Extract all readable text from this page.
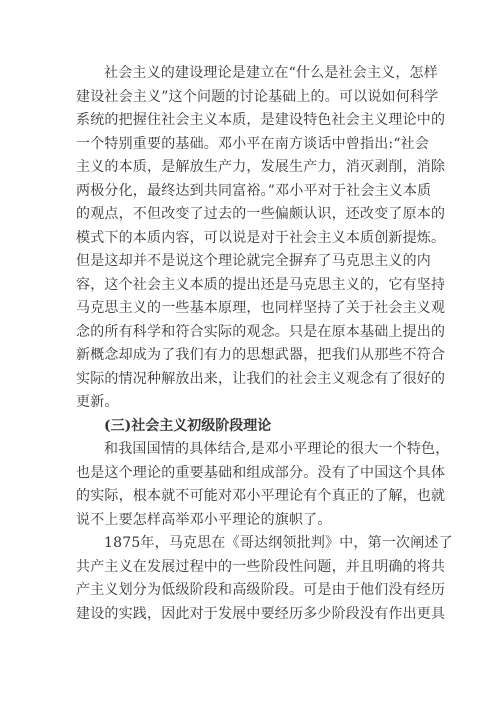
社会主义的建设理论是建立在“什么是社会主义，怎样

建设社会主义”这个问题的讨论基础上的。可以说如何科学

系统的把握住社会主义本质，是建设特色社会主义理论中的

一个特别重要的基础。邓小平在南方谈话中曾指出:“社会

主义的本质，是解放生产力，发展生产力，消灭剥削，消除

两极分化，最终达到共同富裕。”邓小平对于社会主义本质

的观点，不但改变了过去的一些偏颇认识，还改变了原本的

模式下的本质内容，可以说是对于社会主义本质创新提炼。

但是这却并不是说这个理论就完全摒弃了马克思主义的内

容，这个社会主义本质的提出还是马克思主义的，它有坚持

马克思主义的一些基本原理，也同样坚持了关于社会主义观

念的所有科学和符合实际的观念。只是在原本基础上提出的

新概念却成为了我们有力的思想武器，把我们从那些不符合

实际的情况种解放出来，让我们的社会主义观念有了很好的

更新。

(三)社会主义初级阶段理论

和我国国情的具体结合,是邓小平理论的很大一个特色，

也是这个理论的重要基础和组成部分。没有了中国这个具体

的实际，根本就不可能对邓小平理论有个真正的了解，也就

说不上要怎样高举邓小平理论的旗帜了。

1875年，马克思在《哥达纲领批判》中，第一次阐述了

共产主义在发展过程中的一些阶段性问题，并且明确的将共

产主义划分为低级阶段和高级阶段。可是由于他们没有经历

建设的实践，因此对于发展中要经历多少阶段没有作出更具
